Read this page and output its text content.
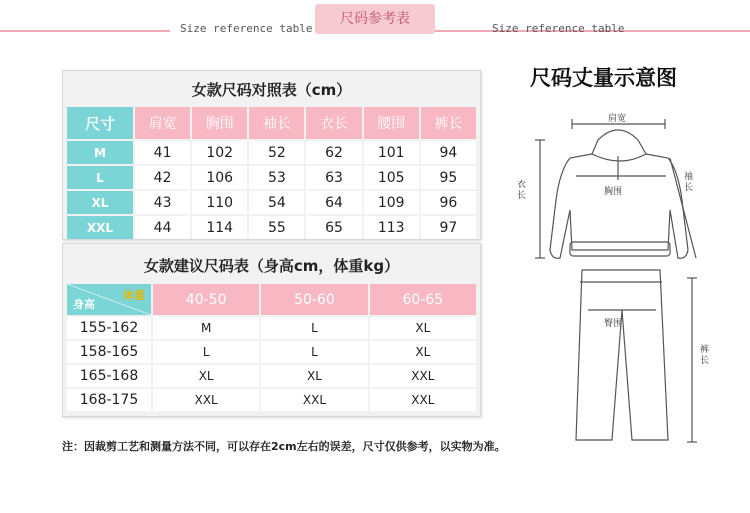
尺码参考表
Size reference table	Size reference table
女款尺码对照表（cm）
尺寸	肩宽	胸围	袖长	衣长	腰围	裤长
M	41	102	52	62	101	94
L	42	106	53	63	105	95
XL	43	110	54	64	109	96
XXL	44	114	55	65	113	97
女款建议尺码表（身高cm，体重kg）
体重
身高	40-50	50-60	60-65
155-162	M	L	XL
158-165	L	L	XL
165-168	XL	XL	XXL
168-175	XXL	XXL	XXL
注：因裁剪工艺和测量方法不同，可以存在2cm左右的误差，尺寸仅供参考，以实物为准。
尺码丈量示意图
肩宽
胸围
衣长
袖长
臀围
裤长
